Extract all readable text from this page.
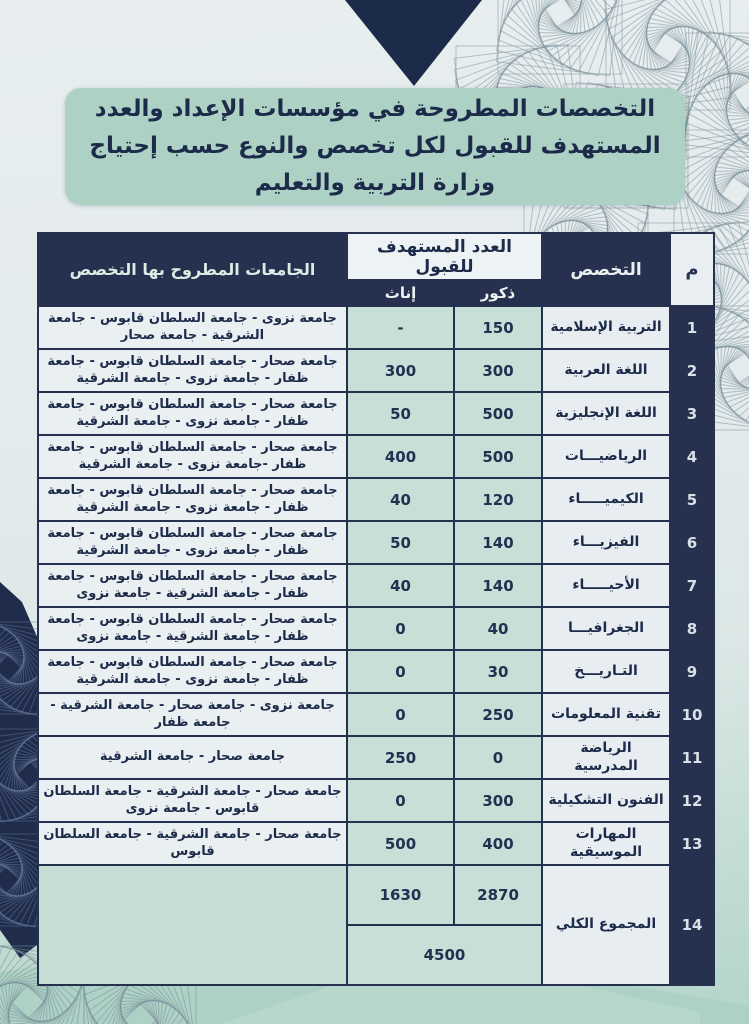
التخصصات المطروحة في مؤسسات الإعداد والعدد
المستهدف للقبول لكل تخصص والنوع حسب إحتياج
وزارة التربية والتعليم
م	التخصص	العدد المستهدف للقبول		الجامعات المطروح بها التخصص
		ذكور	إناث	
1	التربية الإسلامية	150	-	جامعة نزوى - جامعة السلطان قابوس - جامعة الشرقية - جامعة صحار
2	اللغة العربية	300	300	جامعة صحار - جامعة السلطان قابوس - جامعة ظفار - جامعة نزوى - جامعة الشرقية
3	اللغة الإنجليزية	500	50	جامعة صحار - جامعة السلطان قابوس - جامعة ظفار - جامعة نزوى - جامعة الشرقية
4	الرياضيـــات	500	400	جامعة صحار - جامعة السلطان قابوس - جامعة ظفار -جامعة نزوى - جامعة الشرقية
5	الكيميـــــاء	120	40	جامعة صحار - جامعة السلطان قابوس - جامعة ظفار - جامعة نزوى - جامعة الشرقية
6	الفيزيـــاء	140	50	جامعة صحار - جامعة السلطان قابوس - جامعة ظفار - جامعة نزوى - جامعة الشرقية
7	الأحيـــــاء	140	40	جامعة صحار - جامعة السلطان قابوس - جامعة ظفار - جامعة الشرقية - جامعة نزوى
8	الجغرافيـــا	40	0	جامعة صحار - جامعة السلطان قابوس - جامعة ظفار - جامعة الشرقية - جامعة نزوى
9	التـاريـــخ	30	0	جامعة صحار - جامعة السلطان قابوس - جامعة ظفار - جامعة نزوى - جامعة الشرقية
10	تقنية المعلومات	250	0	جامعة نزوى - جامعة صحار - جامعة الشرقية - جامعة ظفار
11	الرياضة المدرسية	0	250	جامعة صحار - جامعة الشرقية
12	الفنون التشكيلية	300	0	جامعة صحار - جامعة الشرقية - جامعة السلطان قابوس - جامعة نزوى
13	المهارات الموسيقية	400	500	جامعة صحار - جامعة الشرقية - جامعة السلطان قابوس
14	المجموع الكلي	2870	1630	
		4500		
